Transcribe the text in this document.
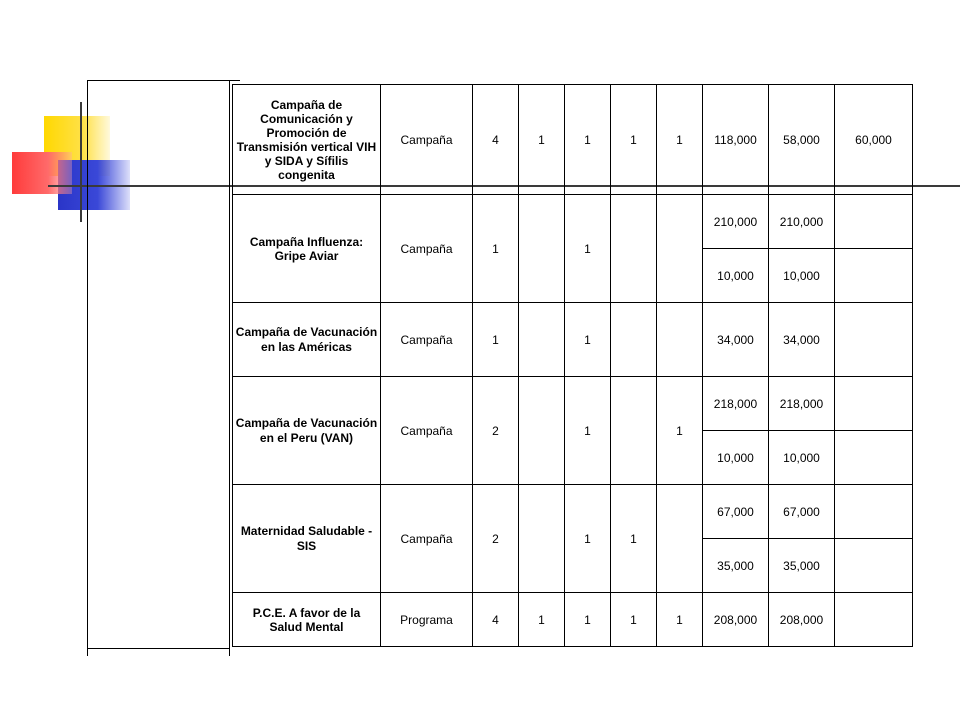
Campaña de Comunicación y Promoción de Transmisión vertical VIH y SIDA y Sífilis congenita	Campaña	4	1	1	1	1	118,000	58,000	60,000
Campaña Influenza: Gripe Aviar	Campaña	1		1			210,000	210,000	
							10,000	10,000	
Campaña de Vacunación en las Américas	Campaña	1		1			34,000	34,000	
Campaña de Vacunación en el Peru (VAN)	Campaña	2		1		1	218,000	218,000	
							10,000	10,000	
Maternidad Saludable - SIS	Campaña	2		1	1		67,000	67,000	
							35,000	35,000	
P.C.E. A favor de la Salud Mental	Programa	4	1	1	1	1	208,000	208,000	
